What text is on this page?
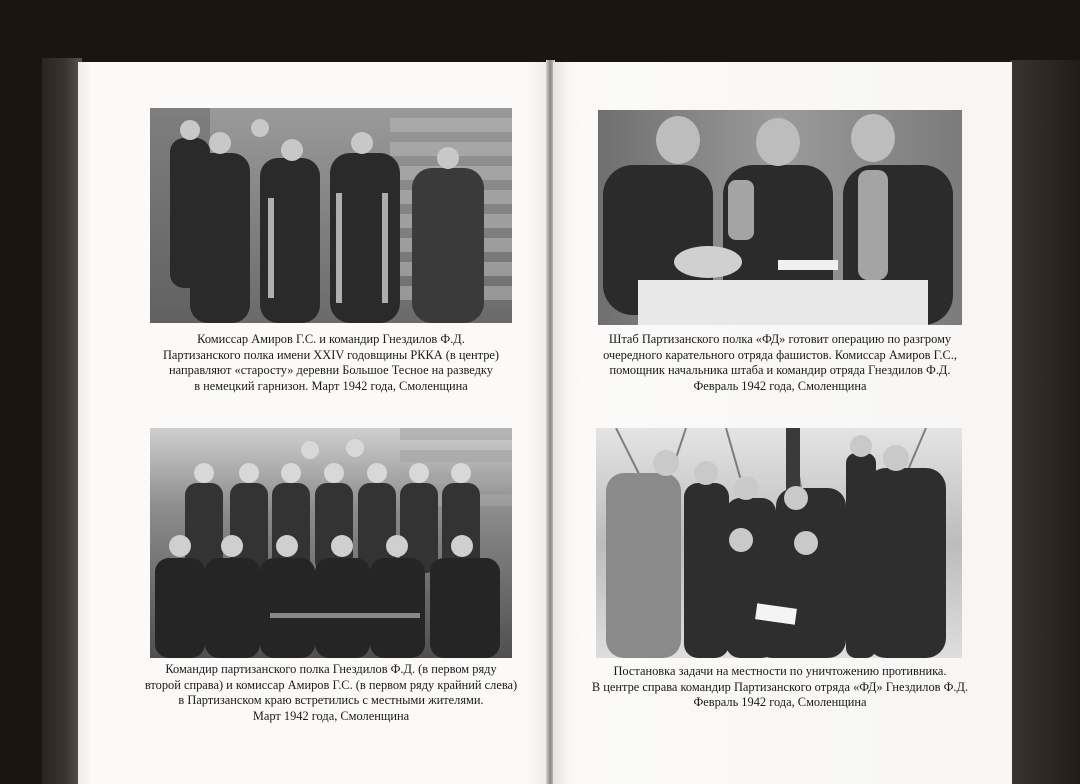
Комиссар Амиров Г.С. и командир Гнездилов Ф.Д.
Партизанского полка имени XXIV годовщины РККА (в центре)
направляют «старосту» деревни Большое Тесное на разведку
в немецкий гарнизон. Март 1942 года, Смоленщина

Командир партизанского полка Гнездилов Ф.Д. (в первом ряду
второй справа) и комиссар Амиров Г.С. (в первом ряду крайний слева)
в Партизанском краю встретились с местными жителями.
Март 1942 года, Смоленщина

Штаб Партизанского полка «ФД» готовит операцию по разгрому
очередного карательного отряда фашистов. Комиссар Амиров Г.С.,
помощник начальника штаба и командир отряда Гнездилов Ф.Д.
Февраль 1942 года, Смоленщина

Постановка задачи на местности по уничтожению противника.
В центре справа командир Партизанского отряда «ФД» Гнездилов Ф.Д.
Февраль 1942 года, Смоленщина
